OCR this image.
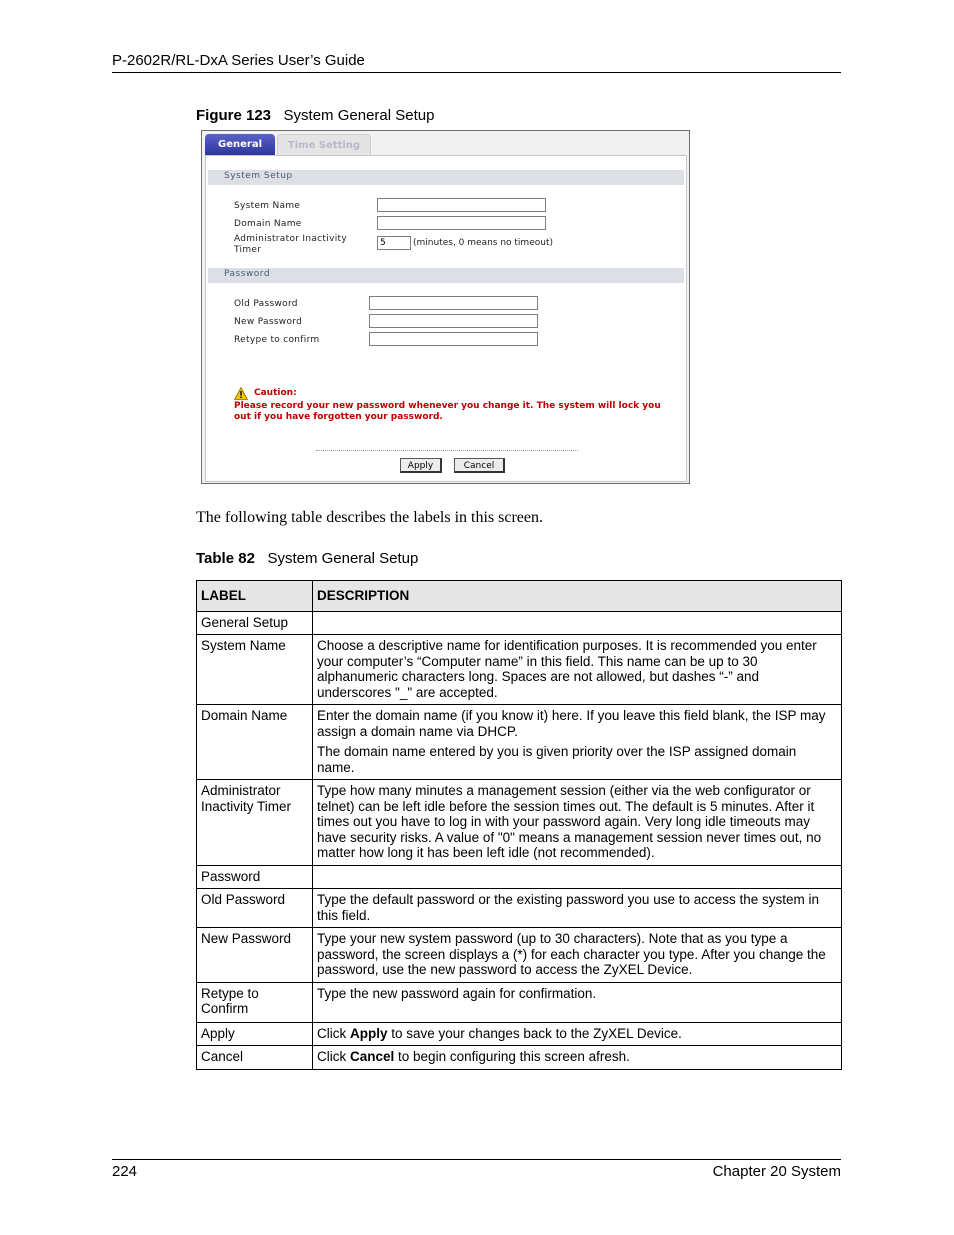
P-2602R/RL-DxA Series User’s Guide
Figure 123 System General Setup
General	Time Setting
System Setup
System Name
Domain Name
Administrator Inactivity Timer
5	(minutes, 0 means no timeout)
Password
Old Password
New Password
Retype to confirm
Caution:
Please record your new password whenever you change it. The system will lock you out if you have forgotten your password.
Apply	Cancel
The following table describes the labels in this screen.
Table 82 System General Setup
LABEL	DESCRIPTION
General Setup	
System Name	Choose a descriptive name for identification purposes. It is recommended you enter your computer’s “Computer name” in this field. This name can be up to 30 alphanumeric characters long. Spaces are not allowed, but dashes “-” and underscores "_" are accepted.

Domain Name	Enter the domain name (if you know it) here. If you leave this field blank, the ISP may assign a domain name via DHCP.

The domain name entered by you is given priority over the ISP assigned domain name.

Administrator Inactivity Timer	Type how many minutes a management session (either via the web configurator or telnet) can be left idle before the session times out. The default is 5 minutes. After it times out you have to log in with your password again. Very long idle timeouts may have security risks. A value of "0" means a management session never times out, no matter how long it has been left idle (not recommended).

Password	
Old Password	Type the default password or the existing password you use to access the system in this field.

New Password	Type your new system password (up to 30 characters). Note that as you type a password, the screen displays a (*) for each character you type. After you change the password, use the new password to access the ZyXEL Device.

Retype to Confirm	Type the new password again for confirmation.

Apply	Click Apply to save your changes back to the ZyXEL Device.
Cancel	Click Cancel to begin configuring this screen afresh.
224	Chapter 20 System
